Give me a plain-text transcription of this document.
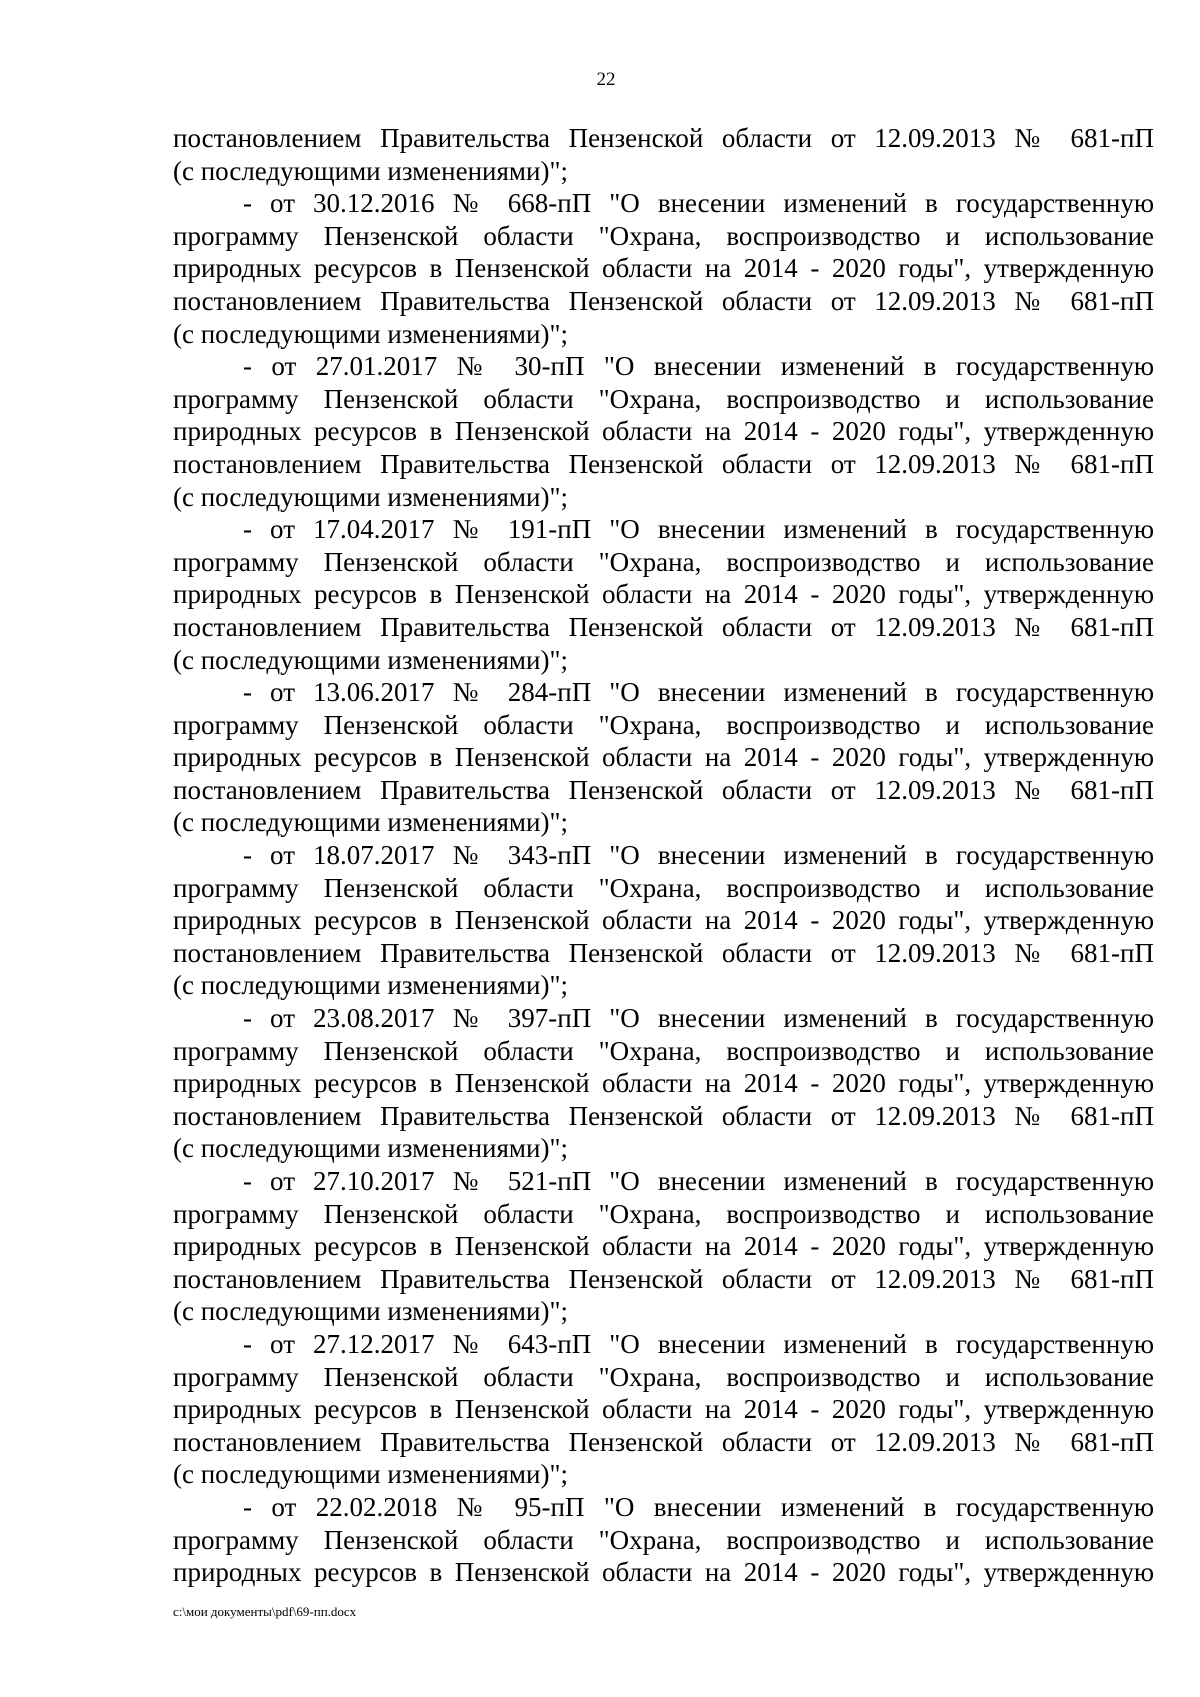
22
постановлением Правительства Пензенской области от 12.09.2013 № 681-пП
(с последующими изменениями)";
- от 30.12.2016 № 668-пП "О внесении изменений в государственную
программу Пензенской области "Охрана, воспроизводство и использование
природных ресурсов в Пензенской области на 2014 - 2020 годы", утвержденную
постановлением Правительства Пензенской области от 12.09.2013 № 681-пП
(с последующими изменениями)";
- от 27.01.2017 № 30-пП "О внесении изменений в государственную
программу Пензенской области "Охрана, воспроизводство и использование
природных ресурсов в Пензенской области на 2014 - 2020 годы", утвержденную
постановлением Правительства Пензенской области от 12.09.2013 № 681-пП
(с последующими изменениями)";
- от 17.04.2017 № 191-пП "О внесении изменений в государственную
программу Пензенской области "Охрана, воспроизводство и использование
природных ресурсов в Пензенской области на 2014 - 2020 годы", утвержденную
постановлением Правительства Пензенской области от 12.09.2013 № 681-пП
(с последующими изменениями)";
- от 13.06.2017 № 284-пП "О внесении изменений в государственную
программу Пензенской области "Охрана, воспроизводство и использование
природных ресурсов в Пензенской области на 2014 - 2020 годы", утвержденную
постановлением Правительства Пензенской области от 12.09.2013 № 681-пП
(с последующими изменениями)";
- от 18.07.2017 № 343-пП "О внесении изменений в государственную
программу Пензенской области "Охрана, воспроизводство и использование
природных ресурсов в Пензенской области на 2014 - 2020 годы", утвержденную
постановлением Правительства Пензенской области от 12.09.2013 № 681-пП
(с последующими изменениями)";
- от 23.08.2017 № 397-пП "О внесении изменений в государственную
программу Пензенской области "Охрана, воспроизводство и использование
природных ресурсов в Пензенской области на 2014 - 2020 годы", утвержденную
постановлением Правительства Пензенской области от 12.09.2013 № 681-пП
(с последующими изменениями)";
- от 27.10.2017 № 521-пП "О внесении изменений в государственную
программу Пензенской области "Охрана, воспроизводство и использование
природных ресурсов в Пензенской области на 2014 - 2020 годы", утвержденную
постановлением Правительства Пензенской области от 12.09.2013 № 681-пП
(с последующими изменениями)";
- от 27.12.2017 № 643-пП "О внесении изменений в государственную
программу Пензенской области "Охрана, воспроизводство и использование
природных ресурсов в Пензенской области на 2014 - 2020 годы", утвержденную
постановлением Правительства Пензенской области от 12.09.2013 № 681-пП
(с последующими изменениями)";
- от 22.02.2018 № 95-пП "О внесении изменений в государственную
программу Пензенской области "Охрана, воспроизводство и использование
природных ресурсов в Пензенской области на 2014 - 2020 годы", утвержденную
c:\мои документы\pdf\69-пп.docx
